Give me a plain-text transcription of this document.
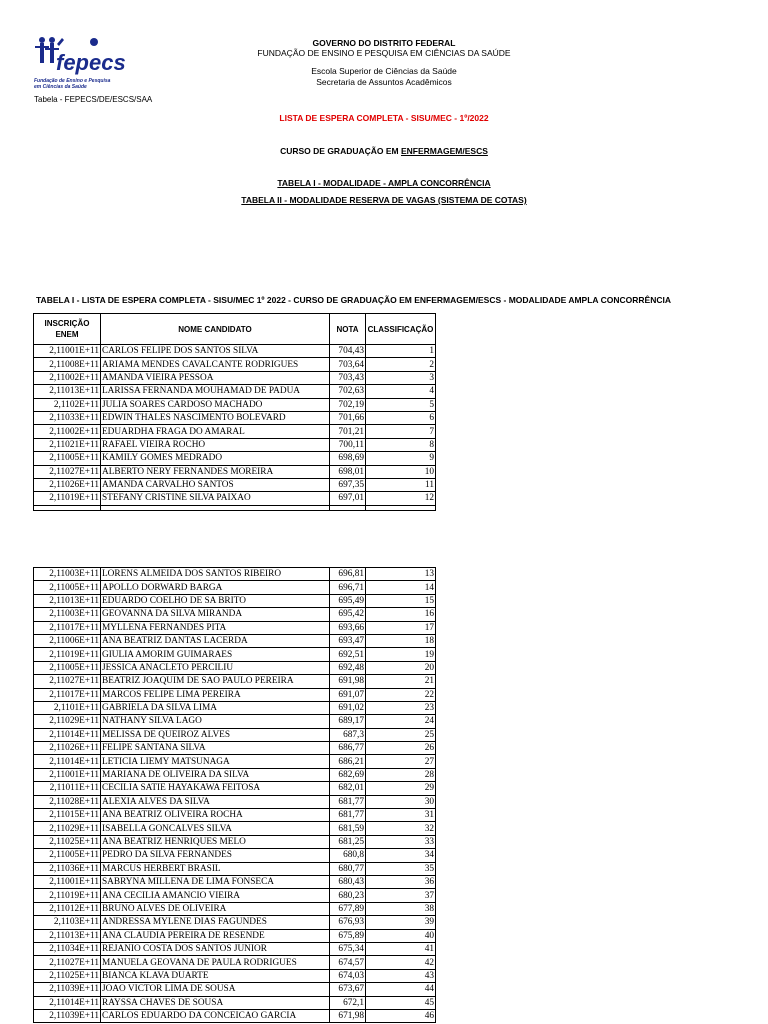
fepecs
Fundação de Ensino e Pesquisa em Ciências da Saúde
Tabela - FEPECS/DE/ESCS/SAA
GOVERNO DO DISTRITO FEDERAL
FUNDAÇÃO DE ENSINO E PESQUISA EM CIÊNCIAS DA SAÚDE
Escola Superior de Ciências da Saúde
Secretaria de Assuntos Acadêmicos
LISTA DE ESPERA COMPLETA - SISU/MEC - 1º/2022
CURSO DE GRADUAÇÃO EM ENFERMAGEM/ESCS
TABELA I - MODALIDADE - AMPLA CONCORRÊNCIA
TABELA II - MODALIDADE RESERVA DE VAGAS (SISTEMA DE COTAS)
TABELA I - LISTA DE ESPERA COMPLETA - SISU/MEC 1º 2022 - CURSO DE GRADUAÇÃO EM ENFERMAGEM/ESCS - MODALIDADE AMPLA CONCORRÊNCIA
INSCRIÇÃO ENEM	NOME CANDIDATO	NOTA	CLASSIFICAÇÃO
2,11001E+11	CARLOS FELIPE DOS SANTOS SILVA	704,43	1
2,11008E+11	ARIAMA MENDES CAVALCANTE RODRIGUES	703,64	2
2,11002E+11	AMANDA VIEIRA PESSOA	703,43	3
2,11013E+11	LARISSA FERNANDA MOUHAMAD DE PADUA	702,63	4
2,1102E+11	JULIA SOARES CARDOSO MACHADO	702,19	5
2,11033E+11	EDWIN THALES NASCIMENTO BOLEVARD	701,66	6
2,11002E+11	EDUARDHA FRAGA DO AMARAL	701,21	7
2,11021E+11	RAFAEL VIEIRA ROCHO	700,11	8
2,11005E+11	KAMILY GOMES MEDRADO	698,69	9
2,11027E+11	ALBERTO NERY FERNANDES MOREIRA	698,01	10
2,11026E+11	AMANDA CARVALHO SANTOS	697,35	11
2,11019E+11	STEFANY CRISTINE SILVA PAIXAO	697,01	12

2,11003E+11	LORENS ALMEIDA DOS SANTOS RIBEIRO	696,81	13
2,11005E+11	APOLLO DORWARD BARGA	696,71	14
2,11013E+11	EDUARDO COELHO DE SA BRITO	695,49	15
2,11003E+11	GEOVANNA DA SILVA MIRANDA	695,42	16
2,11017E+11	MYLLENA FERNANDES PITA	693,66	17
2,11006E+11	ANA BEATRIZ DANTAS LACERDA	693,47	18
2,11019E+11	GIULIA AMORIM GUIMARAES	692,51	19
2,11005E+11	JESSICA ANACLETO PERCILIU	692,48	20
2,11027E+11	BEATRIZ JOAQUIM DE SAO PAULO PEREIRA	691,98	21
2,11017E+11	MARCOS FELIPE LIMA PEREIRA	691,07	22
2,1101E+11	GABRIELA DA SILVA LIMA	691,02	23
2,11029E+11	NATHANY SILVA LAGO	689,17	24
2,11014E+11	MELISSA DE QUEIROZ ALVES	687,3	25
2,11026E+11	FELIPE SANTANA SILVA	686,77	26
2,11014E+11	LETICIA LIEMY MATSUNAGA	686,21	27
2,11001E+11	MARIANA DE OLIVEIRA DA SILVA	682,69	28
2,11011E+11	CECILIA SATIE HAYAKAWA FEITOSA	682,01	29
2,11028E+11	ALEXIA ALVES DA SILVA	681,77	30
2,11015E+11	ANA BEATRIZ OLIVEIRA ROCHA	681,77	31
2,11029E+11	ISABELLA GONCALVES SILVA	681,59	32
2,11025E+11	ANA BEATRIZ HENRIQUES MELO	681,25	33
2,11005E+11	PEDRO DA SILVA FERNANDES	680,8	34
2,11036E+11	MARCUS HERBERT BRASIL	680,77	35
2,11001E+11	SABRYNA MILLENA DE LIMA FONSECA	680,43	36
2,11019E+11	ANA CECILIA AMANCIO VIEIRA	680,23	37
2,11012E+11	BRUNO ALVES DE OLIVEIRA	677,89	38
2,1103E+11	ANDRESSA MYLENE DIAS FAGUNDES	676,93	39
2,11013E+11	ANA CLAUDIA PEREIRA DE RESENDE	675,89	40
2,11034E+11	REJANIO COSTA DOS SANTOS JUNIOR	675,34	41
2,11027E+11	MANUELA GEOVANA DE PAULA RODRIGUES	674,57	42
2,11025E+11	BIANCA KLAVA DUARTE	674,03	43
2,11039E+11	JOAO VICTOR LIMA DE SOUSA	673,67	44
2,11014E+11	RAYSSA CHAVES DE SOUSA	672,1	45
2,11039E+11	CARLOS EDUARDO DA CONCEICAO GARCIA	671,98	46
